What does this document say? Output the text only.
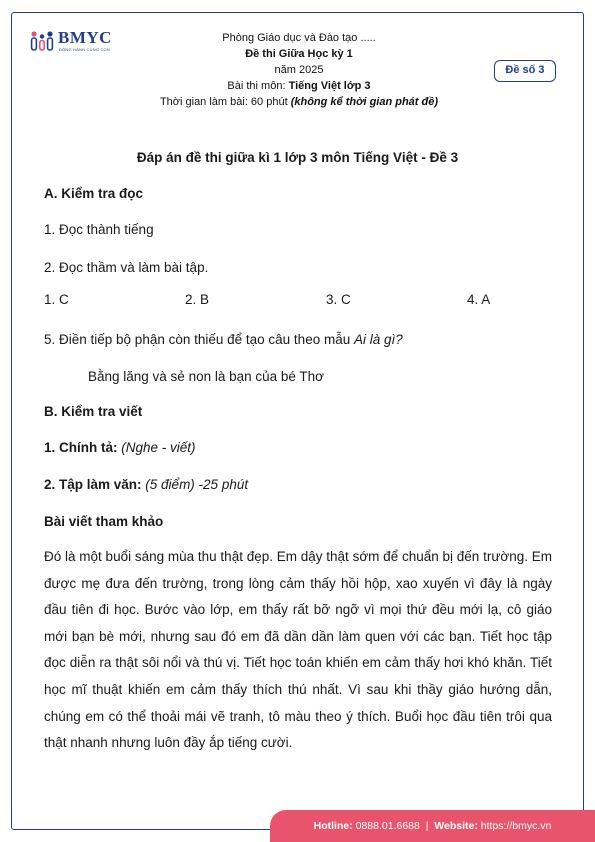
BMYC
ĐỒNG HÀNH CÙNG CON
Phòng Giáo dục và Đào tạo .....
Đề thi Giữa Học kỳ 1
năm 2025
Bài thi môn: Tiếng Việt lớp 3
Thời gian làm bài: 60 phút (không kể thời gian phát đề)
Đề số 3
Đáp án đề thi giữa kì 1 lớp 3 môn Tiếng Việt - Đề 3
A. Kiểm tra đọc
1. Đọc thành tiếng
2. Đọc thầm và làm bài tập.
1. C	2. B	3. C	4. A
5. Điền tiếp bộ phận còn thiếu để tạo câu theo mẫu Ai là gì?
Bằng lăng và sẻ non là bạn của bé Thơ
B. Kiểm tra viết
1. Chính tả: (Nghe - viết)
2. Tập làm văn: (5 điểm) -25 phút
Bài viết tham khảo
Đó là một buổi sáng mùa thu thật đẹp. Em dậy thật sớm để chuẩn bị đến trường. Em được mẹ đưa đến trường, trong lòng cảm thấy hồi hộp, xao xuyến vì đây là ngày đầu tiên đi học. Bước vào lớp, em thấy rất bỡ ngỡ vì mọi thứ đều mới lạ, cô giáo mới bạn bè mới, nhưng sau đó em đã dần dần làm quen với các bạn. Tiết học tập đọc diễn ra thật sôi nổi và thú vị. Tiết học toán khiến em cảm thấy hơi khó khăn. Tiết học mĩ thuật khiến em cảm thấy thích thú nhất. Vì sau khi thầy giáo hướng dẫn, chúng em có thể thoải mái vẽ tranh, tô màu theo ý thích. Buổi học đầu tiên trôi qua thật nhanh nhưng luôn đầy ắp tiếng cười.
Hotline: 0888.01.6688  |  Website: https://bmyc.vn
